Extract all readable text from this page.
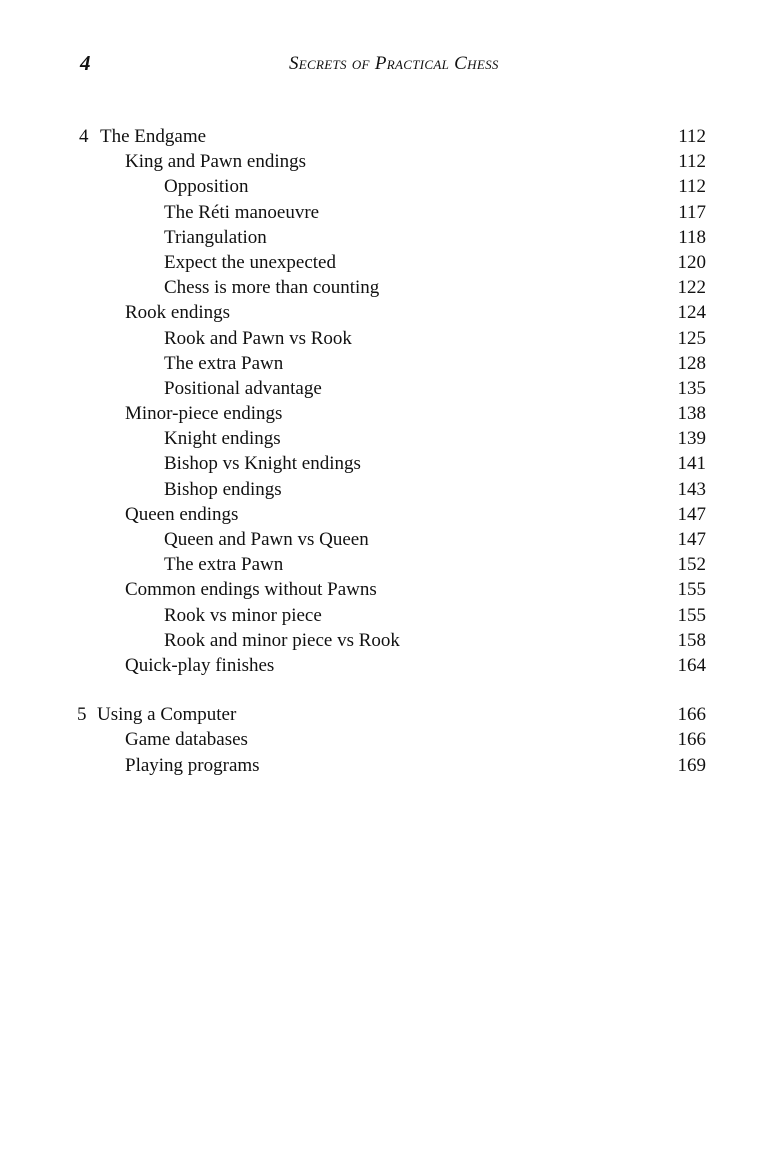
4	Secrets of Practical Chess
4 The Endgame	112
King and Pawn endings	112
Opposition	112
The Réti manoeuvre	117
Triangulation	118
Expect the unexpected	120
Chess is more than counting	122
Rook endings	124
Rook and Pawn vs Rook	125
The extra Pawn	128
Positional advantage	135
Minor-piece endings	138
Knight endings	139
Bishop vs Knight endings	141
Bishop endings	143
Queen endings	147
Queen and Pawn vs Queen	147
The extra Pawn	152
Common endings without Pawns	155
Rook vs minor piece	155
Rook and minor piece vs Rook	158
Quick-play finishes	164
5 Using a Computer	166
Game databases	166
Playing programs	169
